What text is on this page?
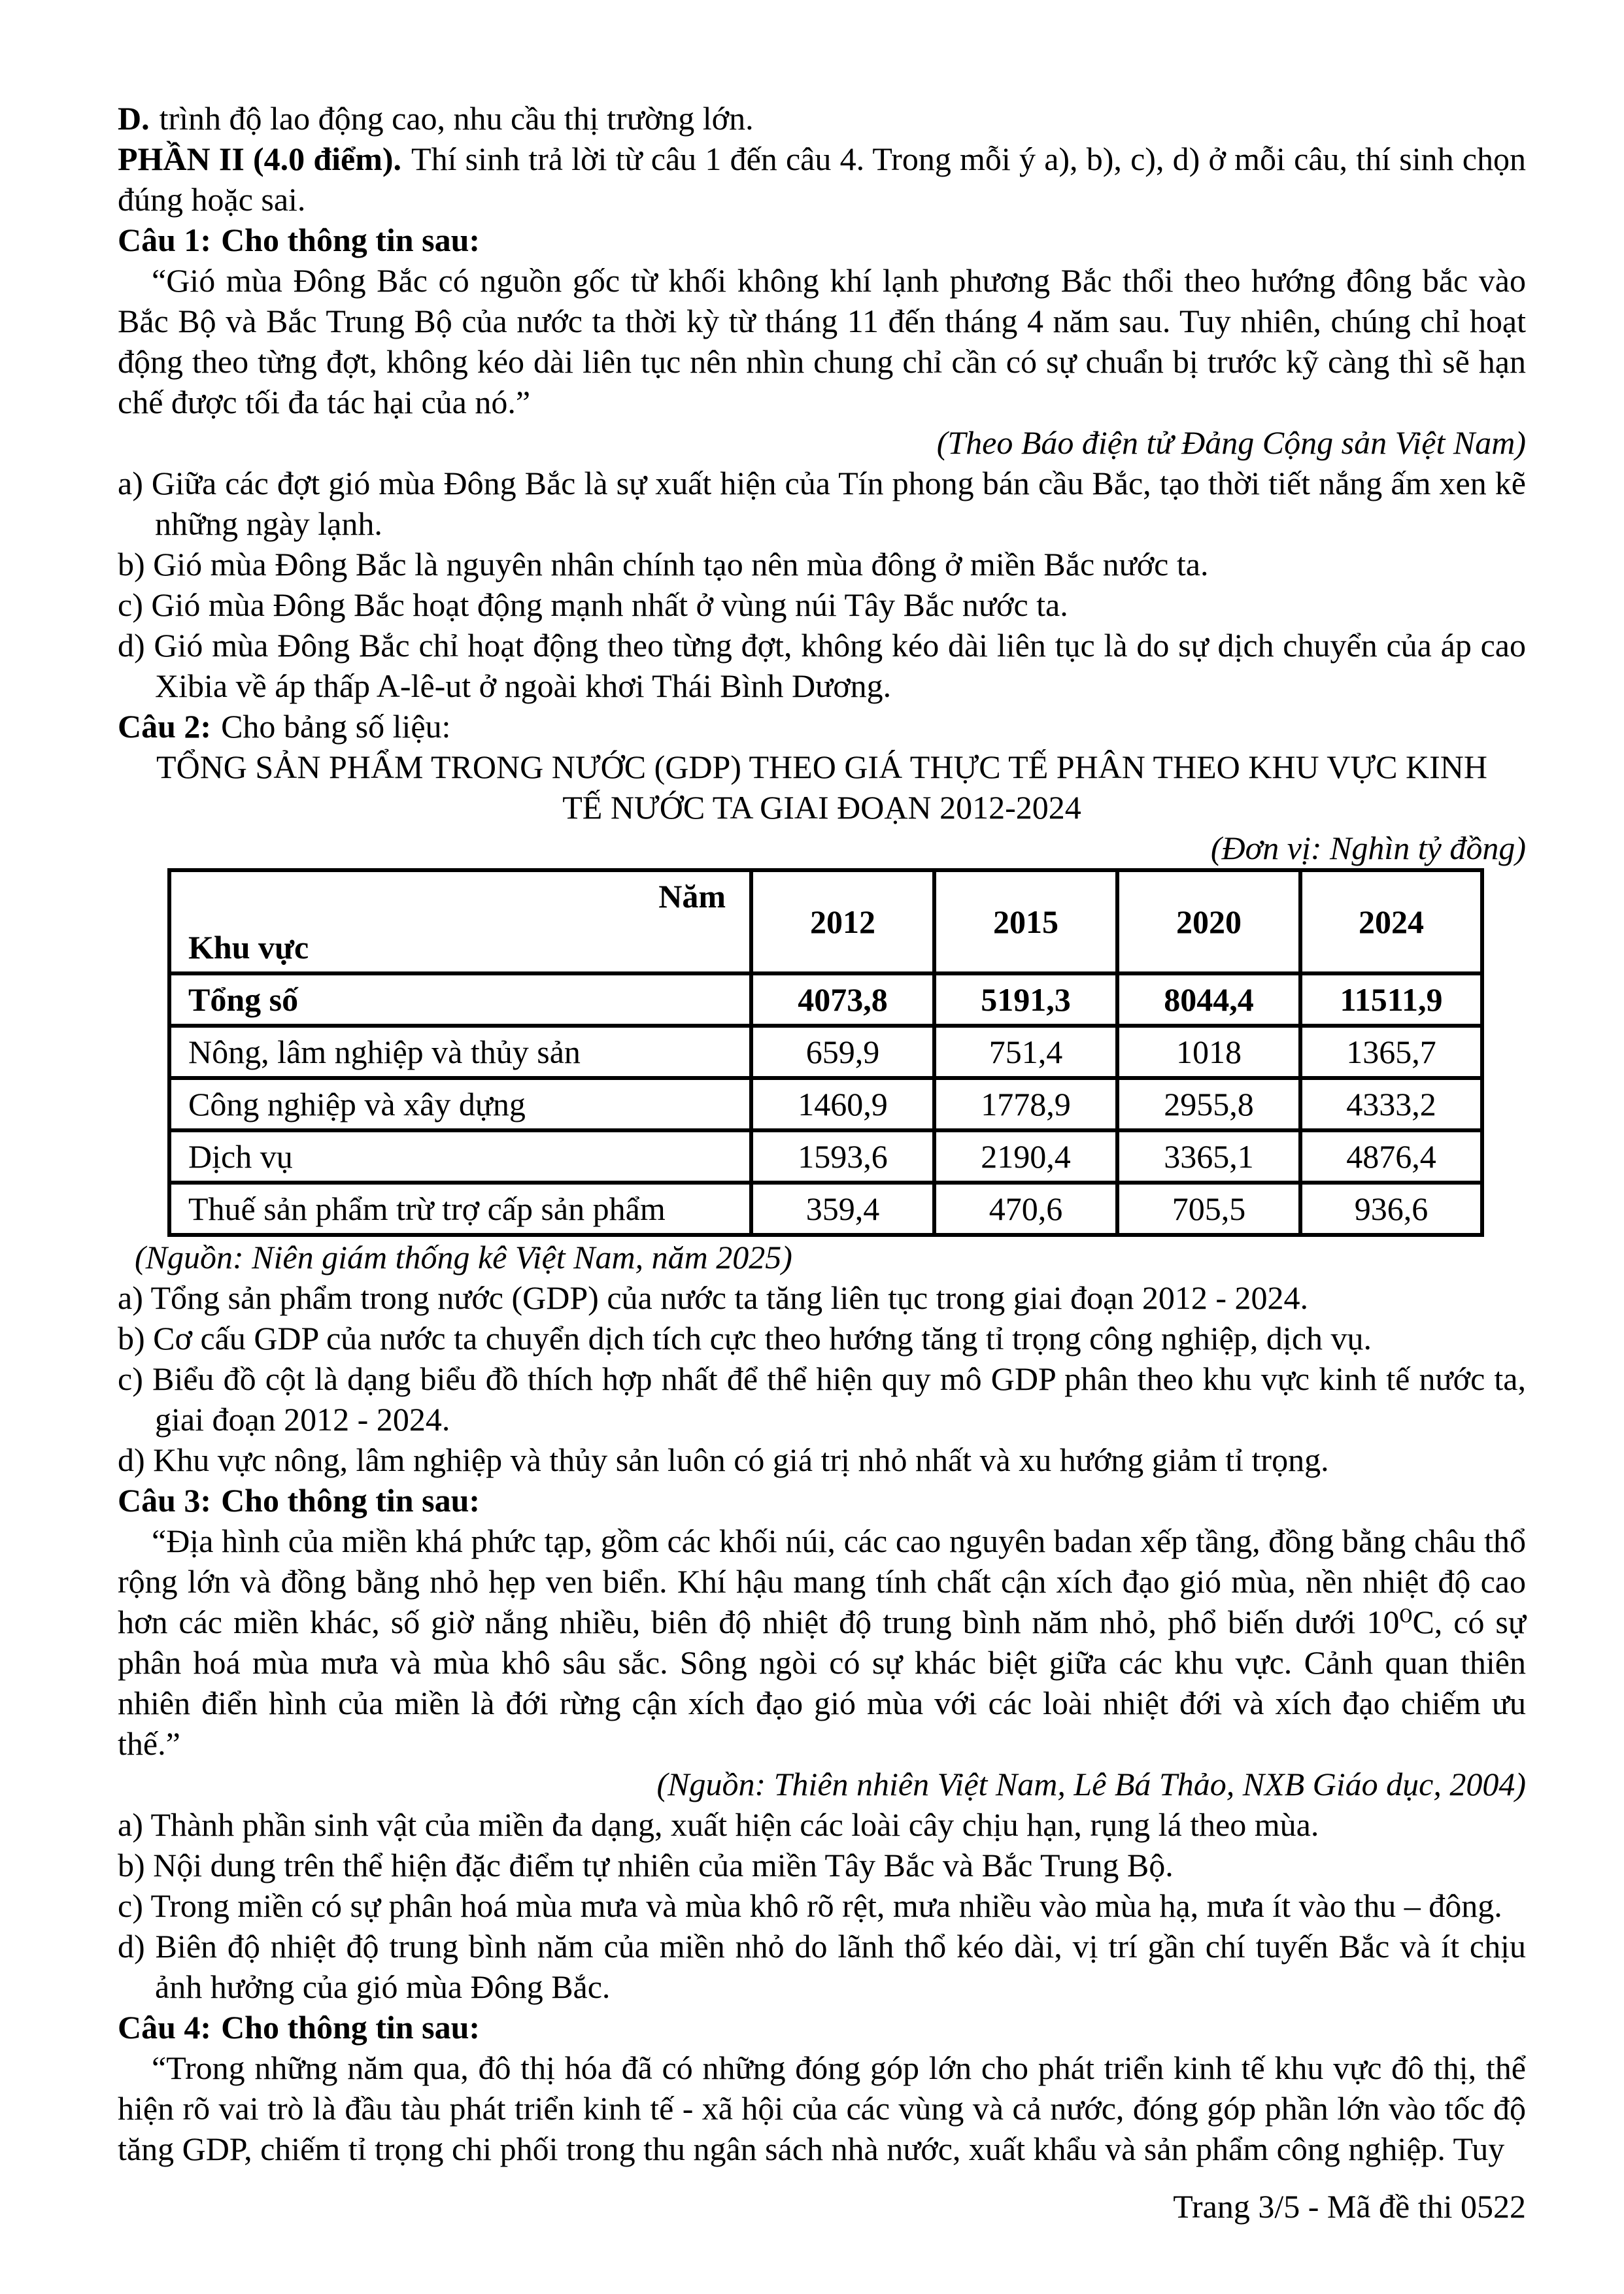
D. trình độ lao động cao, nhu cầu thị trường lớn.
PHẦN II (4.0 điểm). Thí sinh trả lời từ câu 1 đến câu 4. Trong mỗi ý a), b), c), d) ở mỗi câu, thí sinh chọn đúng hoặc sai.
Câu 1: Cho thông tin sau:
“Gió mùa Đông Bắc có nguồn gốc từ khối không khí lạnh phương Bắc thổi theo hướng đông bắc vào Bắc Bộ và Bắc Trung Bộ của nước ta thời kỳ từ tháng 11 đến tháng 4 năm sau. Tuy nhiên, chúng chỉ hoạt động theo từng đợt, không kéo dài liên tục nên nhìn chung chỉ cần có sự chuẩn bị trước kỹ càng thì sẽ hạn chế được tối đa tác hại của nó.”
(Theo Báo điện tử Đảng Cộng sản Việt Nam)
a) Giữa các đợt gió mùa Đông Bắc là sự xuất hiện của Tín phong bán cầu Bắc, tạo thời tiết nắng ấm xen kẽ những ngày lạnh.
b) Gió mùa Đông Bắc là nguyên nhân chính tạo nên mùa đông ở miền Bắc nước ta.
c) Gió mùa Đông Bắc hoạt động mạnh nhất ở vùng núi Tây Bắc nước ta.
d) Gió mùa Đông Bắc chỉ hoạt động theo từng đợt, không kéo dài liên tục là do sự dịch chuyển của áp cao Xibia về áp thấp A-lê-ut ở ngoài khơi Thái Bình Dương.
Câu 2: Cho bảng số liệu:
TỔNG SẢN PHẨM TRONG NƯỚC (GDP) THEO GIÁ THỰC TẾ PHÂN THEO KHU VỰC KINH
TẾ NƯỚC TA GIAI ĐOẠN 2012-2024
(Đơn vị: Nghìn tỷ đồng)
Năm
Khu vực	2012	2015	2020	2024
Tổng số	4073,8	5191,3	8044,4	11511,9
Nông, lâm nghiệp và thủy sản	659,9	751,4	1018	1365,7
Công nghiệp và xây dựng	1460,9	1778,9	2955,8	4333,2
Dịch vụ	1593,6	2190,4	3365,1	4876,4
Thuế sản phẩm trừ trợ cấp sản phẩm	359,4	470,6	705,5	936,6
(Nguồn: Niên giám thống kê Việt Nam, năm 2025)
a) Tổng sản phẩm trong nước (GDP) của nước ta tăng liên tục trong giai đoạn 2012 - 2024.
b) Cơ cấu GDP của nước ta chuyển dịch tích cực theo hướng tăng tỉ trọng công nghiệp, dịch vụ.
c) Biểu đồ cột là dạng biểu đồ thích hợp nhất để thể hiện quy mô GDP phân theo khu vực kinh tế nước ta, giai đoạn 2012 - 2024.
d) Khu vực nông, lâm nghiệp và thủy sản luôn có giá trị nhỏ nhất và xu hướng giảm tỉ trọng.
Câu 3: Cho thông tin sau:
“Địa hình của miền khá phức tạp, gồm các khối núi, các cao nguyên badan xếp tầng, đồng bằng châu thổ rộng lớn và đồng bằng nhỏ hẹp ven biển. Khí hậu mang tính chất cận xích đạo gió mùa, nền nhiệt độ cao hơn các miền khác, số giờ nắng nhiều, biên độ nhiệt độ trung bình năm nhỏ, phổ biến dưới 10⁰C, có sự phân hoá mùa mưa và mùa khô sâu sắc. Sông ngòi có sự khác biệt giữa các khu vực. Cảnh quan thiên nhiên điển hình của miền là đới rừng cận xích đạo gió mùa với các loài nhiệt đới và xích đạo chiếm ưu thế.”
(Nguồn: Thiên nhiên Việt Nam, Lê Bá Thảo, NXB Giáo dục, 2004)
a) Thành phần sinh vật của miền đa dạng, xuất hiện các loài cây chịu hạn, rụng lá theo mùa.
b) Nội dung trên thể hiện đặc điểm tự nhiên của miền Tây Bắc và Bắc Trung Bộ.
c) Trong miền có sự phân hoá mùa mưa và mùa khô rõ rệt, mưa nhiều vào mùa hạ, mưa ít vào thu – đông.
d) Biên độ nhiệt độ trung bình năm của miền nhỏ do lãnh thổ kéo dài, vị trí gần chí tuyến Bắc và ít chịu ảnh hưởng của gió mùa Đông Bắc.
Câu 4: Cho thông tin sau:
“Trong những năm qua, đô thị hóa đã có những đóng góp lớn cho phát triển kinh tế khu vực đô thị, thể hiện rõ vai trò là đầu tàu phát triển kinh tế - xã hội của các vùng và cả nước, đóng góp phần lớn vào tốc độ tăng GDP, chiếm tỉ trọng chi phối trong thu ngân sách nhà nước, xuất khẩu và sản phẩm công nghiệp. Tuy
Trang 3/5 - Mã đề thi 0522
